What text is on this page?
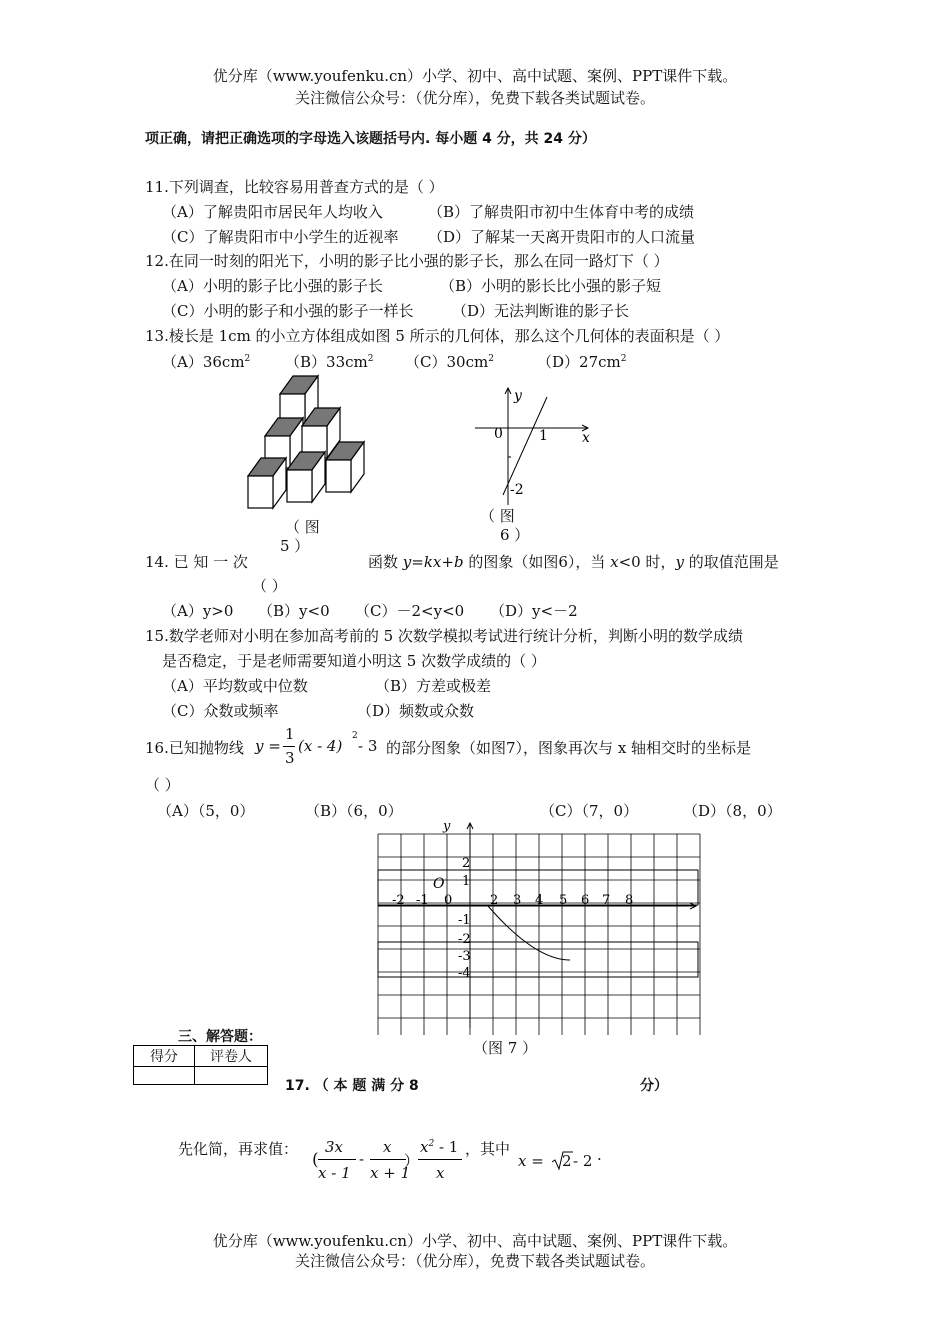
优分库（www.youfenku.cn）小学、初中、高中试题、案例、PPT课件下载。
关注微信公众号：（优分库），免费下载各类试题试卷。
项正确，请把正确选项的字母选入该题括号内. 每小题 4 分，共 24 分）
11.下列调查，比较容易用普查方式的是（ ）
（A）了解贵阳市居民年人均收入	（B）了解贵阳市初中生体育中考的成绩
（C）了解贵阳市中小学生的近视率 （D）了解某一天离开贵阳市的人口流量
12.在同一时刻的阳光下，小明的影子比小强的影子长，那么在同一路灯下（ ）
（A）小明的影子比小强的影子长	（B）小明的影长比小强的影子短
（C）小明的影子和小强的影子一样长	（D）无法判断谁的影子长
13.棱长是 1cm 的小立方体组成如图 5 所示的几何体，那么这个几何体的表面积是（ ）
$(A)36cm^2$ $(B)33cm^2$ $(C)30cm^2$	$(D)27cm^2$
（ 图
5 ）
y
x
0	1
-2
（ 图
6 ）
14. 已 知 一 次	函数 y=kx+b 的图象（如图6），当 x<0 时，y 的取值范围是
（ ）
（A）y>0 （B）y<0 （C）－2<y<0 （D）y<－2
15.数学老师对小明在参加高考前的 5 次数学模拟考试进行统计分析，判断小明的数学成绩
是否稳定，于是老师需要知道小明这 5 次数学成绩的（ ）
（A）平均数或中位数	（B）方差或极差
（C）众数或频率	（D）频数或众数
16.已知抛物线 y =
1
3
(x - 4)
2
- 3 的部分图象（如图7），图象再次与 x 轴相交时的坐标是
（ ）
（A）（5，0）	（B）（6，0）	（C）（7，0）	（D）（8，0）
y
O
-2 -1 0	2 3 4 5 6 7 8
2
1
-1
-2
-3
-4
（图 7 ）
三、解答题：
得分	评卷人

17. （ 本 题 满 分 8	分）
先化简，再求值：
(
3x
x - 1
-
x
x + 1
）
$x^2 - 1$
x
，其中
x = 2 - 2 .
优分库（www.youfenku.cn）小学、初中、高中试题、案例、PPT课件下载。
关注微信公众号：（优分库），免费下载各类试题试卷。
